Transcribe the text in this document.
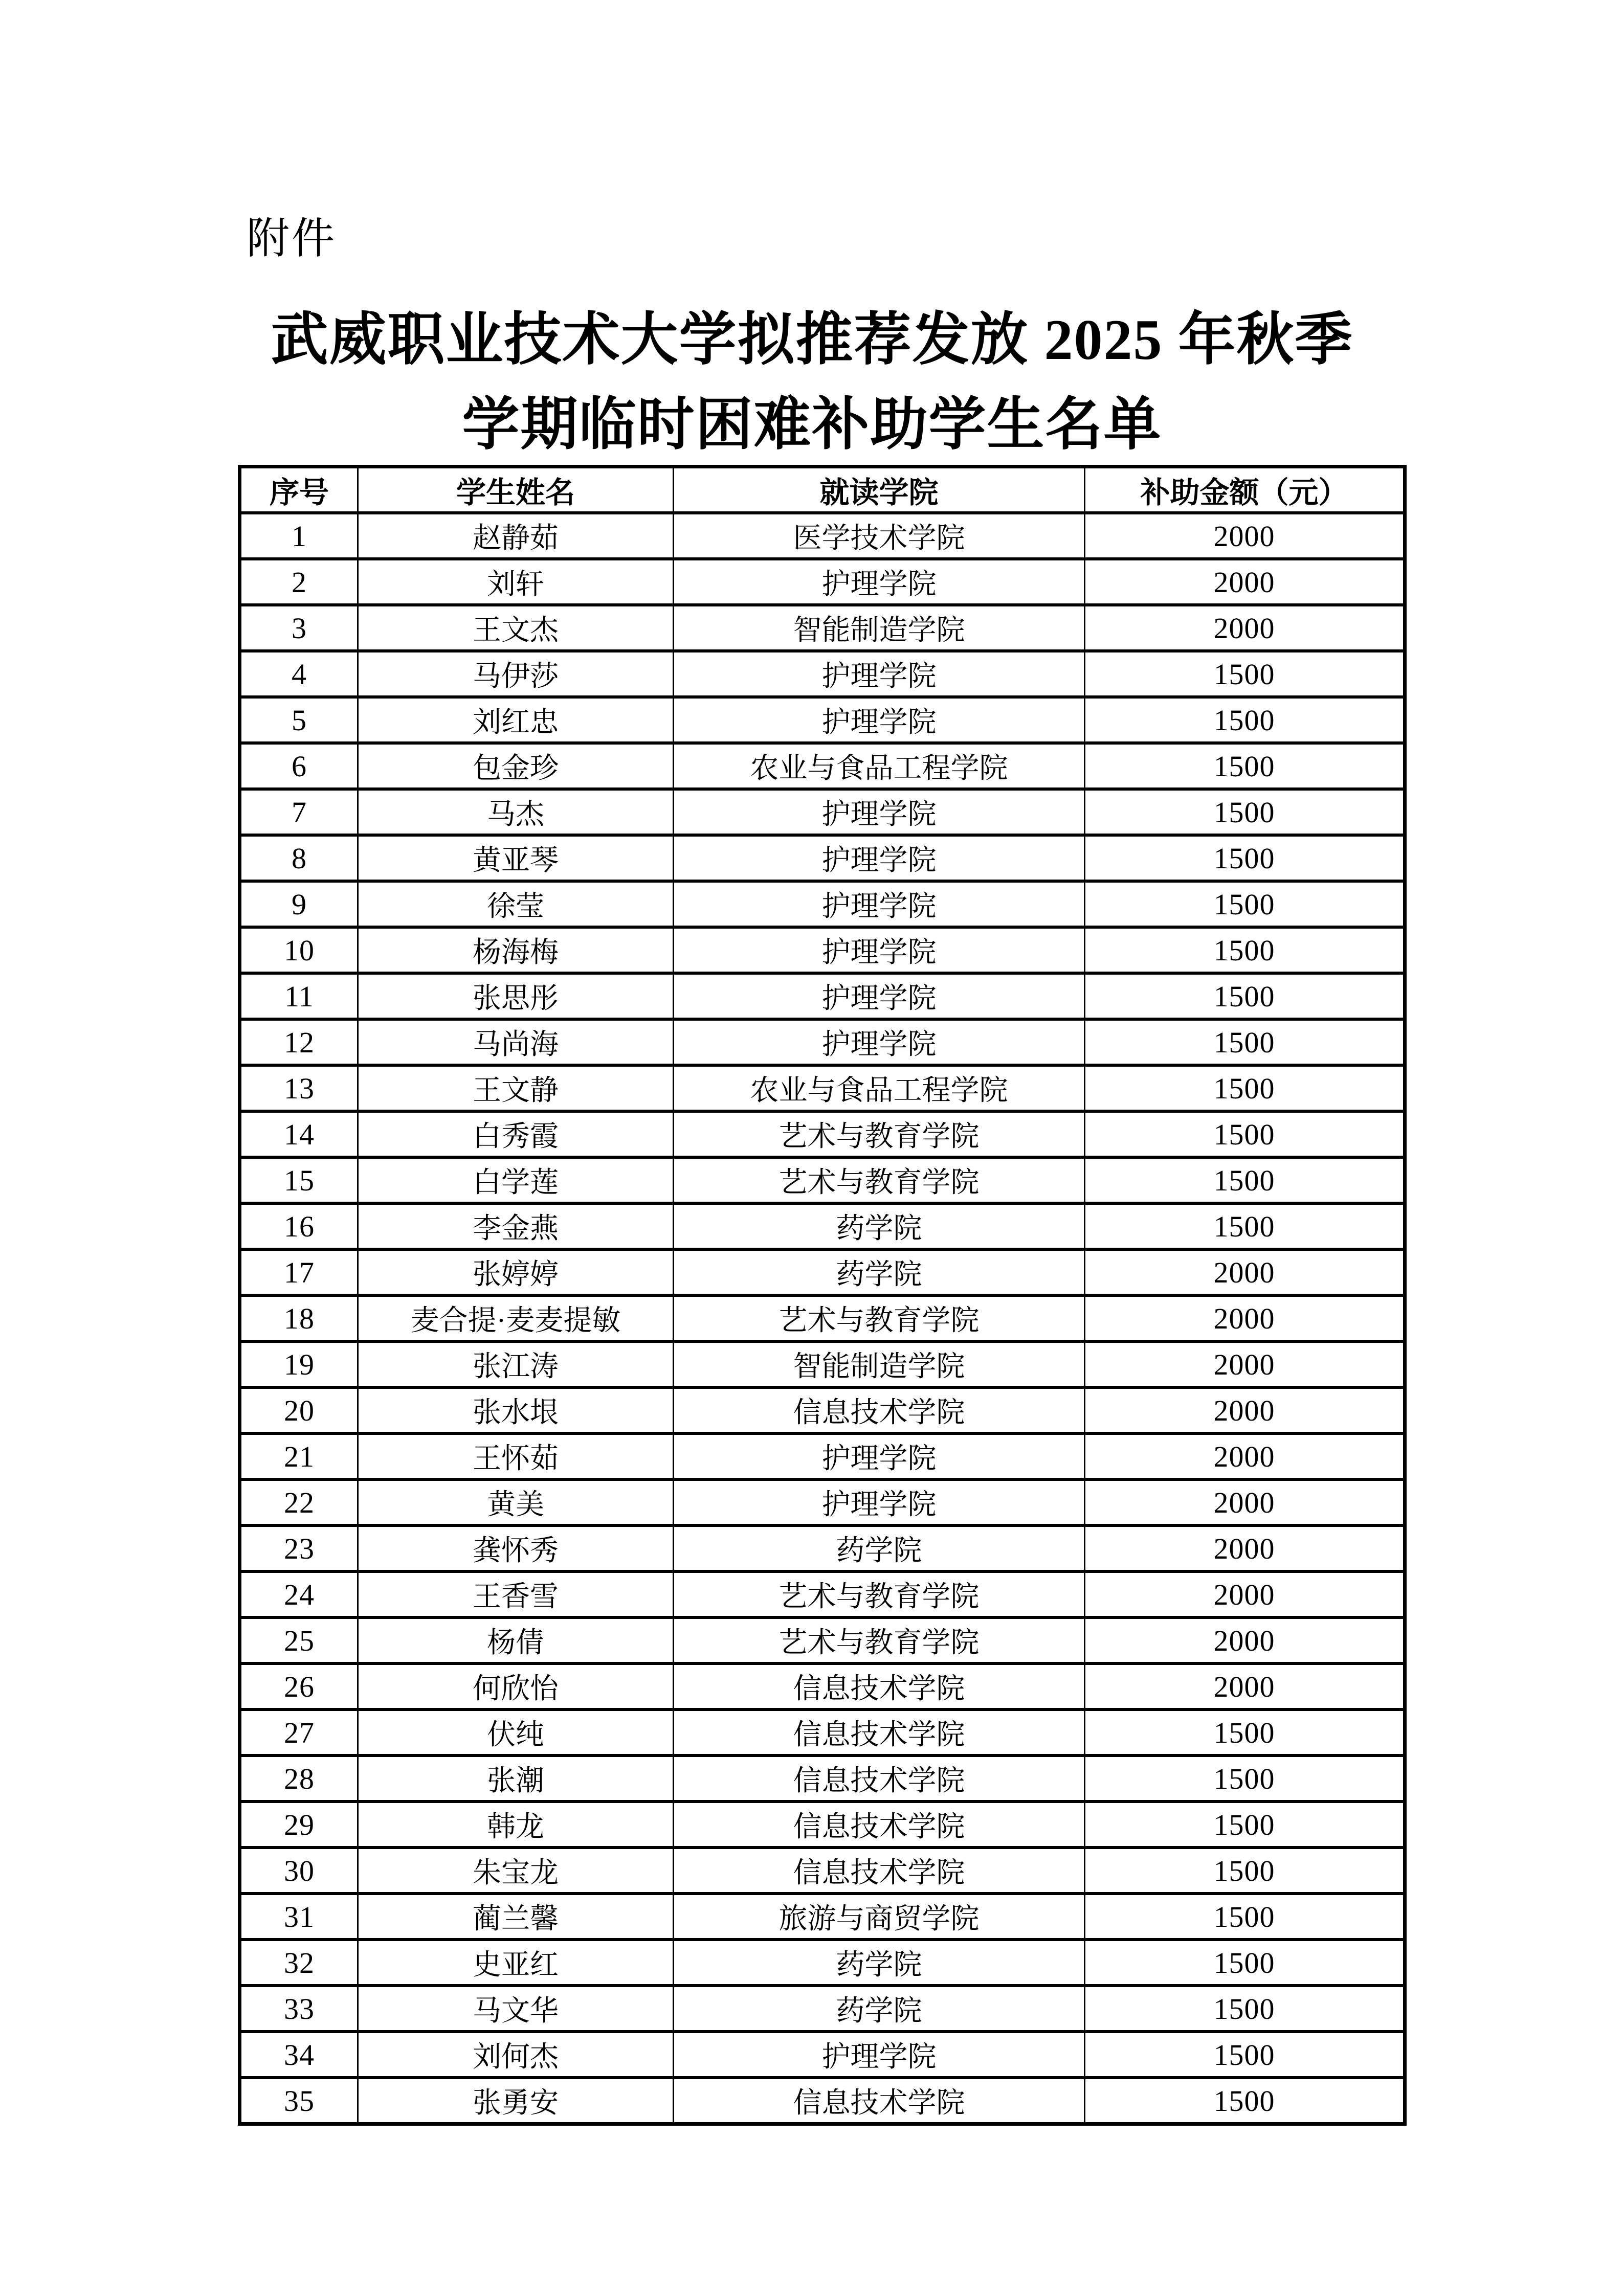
附件
武威职业技术大学拟推荐发放 2025 年秋季
学期临时困难补助学生名单
序号	学生姓名	就读学院	补助金额（元）
1	赵静茹	医学技术学院	2000
2	刘轩	护理学院	2000
3	王文杰	智能制造学院	2000
4	马伊莎	护理学院	1500
5	刘红忠	护理学院	1500
6	包金珍	农业与食品工程学院	1500
7	马杰	护理学院	1500
8	黄亚琴	护理学院	1500
9	徐莹	护理学院	1500
10	杨海梅	护理学院	1500
11	张思彤	护理学院	1500
12	马尚海	护理学院	1500
13	王文静	农业与食品工程学院	1500
14	白秀霞	艺术与教育学院	1500
15	白学莲	艺术与教育学院	1500
16	李金燕	药学院	1500
17	张婷婷	药学院	2000
18	麦合提·麦麦提敏	艺术与教育学院	2000
19	张江涛	智能制造学院	2000
20	张水垠	信息技术学院	2000
21	王怀茹	护理学院	2000
22	黄美	护理学院	2000
23	龚怀秀	药学院	2000
24	王香雪	艺术与教育学院	2000
25	杨倩	艺术与教育学院	2000
26	何欣怡	信息技术学院	2000
27	伏纯	信息技术学院	1500
28	张潮	信息技术学院	1500
29	韩龙	信息技术学院	1500
30	朱宝龙	信息技术学院	1500
31	蔺兰馨	旅游与商贸学院	1500
32	史亚红	药学院	1500
33	马文华	药学院	1500
34	刘何杰	护理学院	1500
35	张勇安	信息技术学院	1500
